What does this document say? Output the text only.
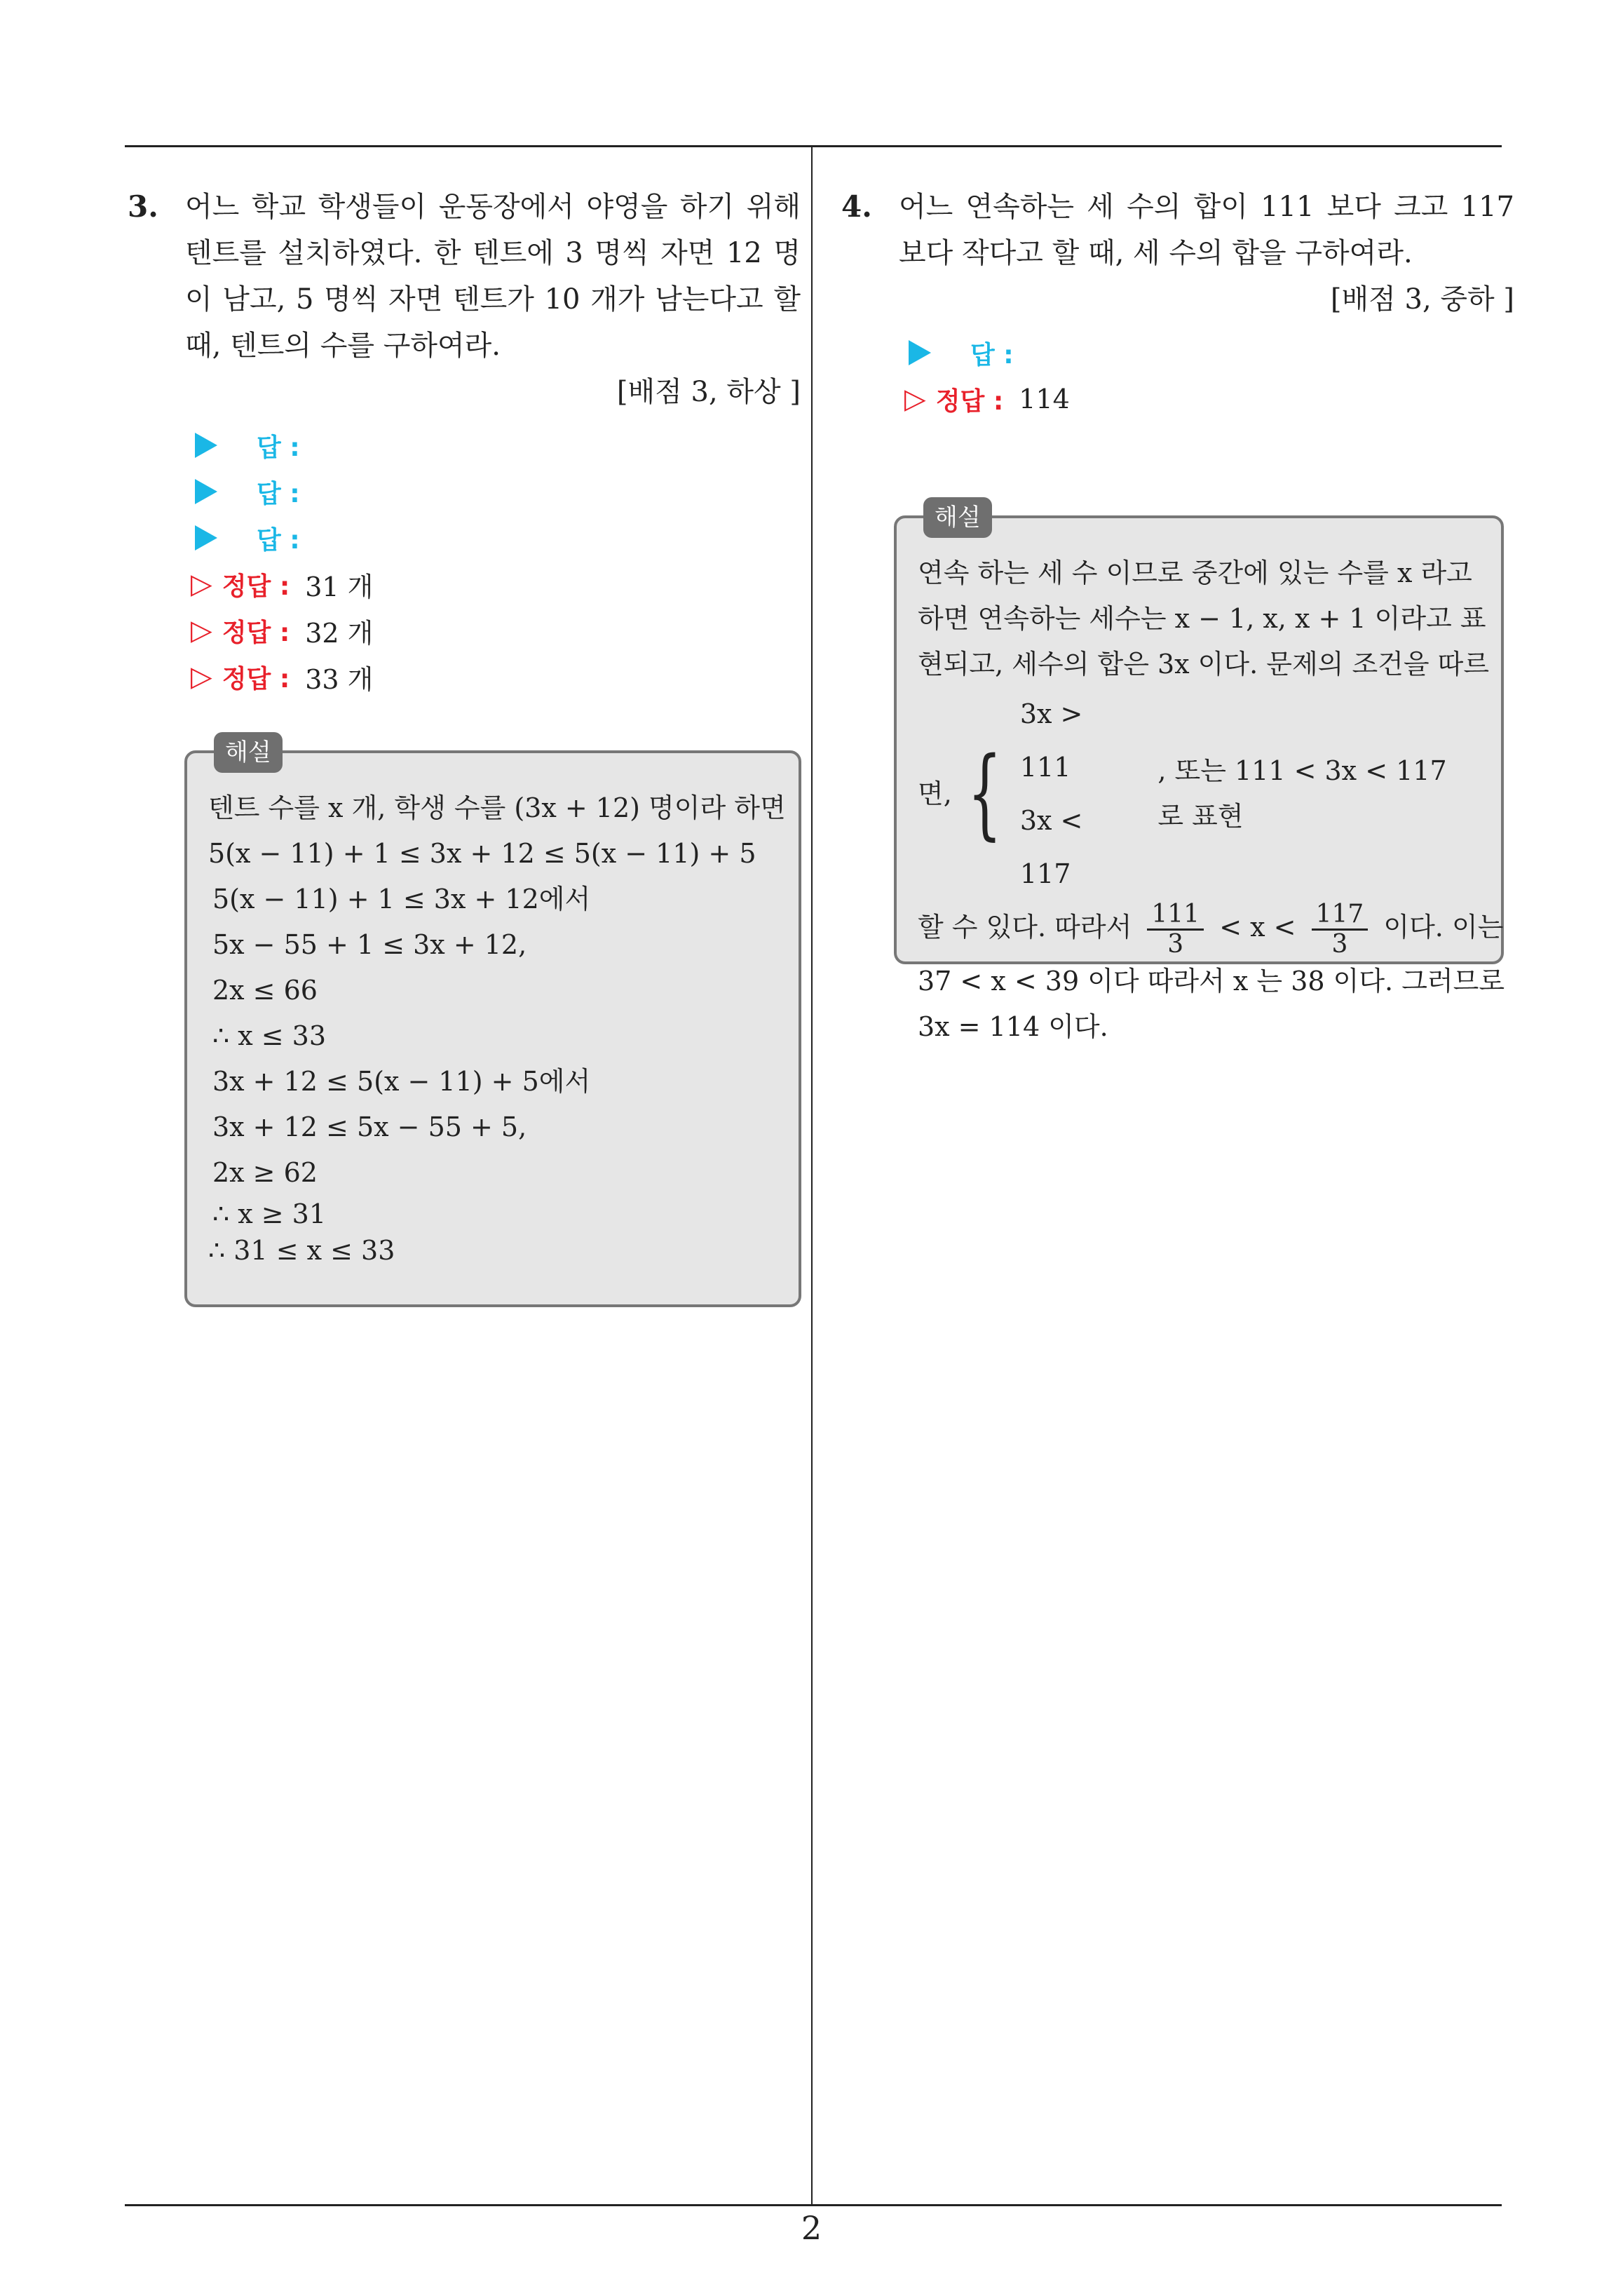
3. 어느 학교 학생들이 운동장에서 야영을 하기 위해 텐트를 설치하였다. 한 텐트에 3 명씩 자면 12 명이 남고, 5 명씩 자면 텐트가 10 개가 남는다고 할 때, 텐트의 수를 구하여라.
[배점 3, 하상 ]
답 :
답 :
답 :
▷ 정답 : 31 개
▷ 정답 : 32 개
▷ 정답 : 33 개
해설
텐트 수를 x 개, 학생 수를 (3x + 12) 명이라 하면
5(x − 11) + 1 ≤ 3x + 12 ≤ 5(x − 11) + 5
5(x − 11) + 1 ≤ 3x + 12에서
5x − 55 + 1 ≤ 3x + 12,
2x ≤ 66
∴ x ≤ 33
3x + 12 ≤ 5(x − 11) + 5에서
3x + 12 ≤ 5x − 55 + 5,
2x ≥ 62
∴ x ≥ 31
∴ 31 ≤ x ≤ 33
4. 어느 연속하는 세 수의 합이 111 보다 크고 117 보다 작다고 할 때, 세 수의 합을 구하여라.
[배점 3, 중하 ]
답 :
▷ 정답 : 114
해설
연속 하는 세 수 이므로 중간에 있는 수를 x 라고
하면 연속하는 세수는 x − 1, x, x + 1 이라고 표
현되고, 세수의 합은 3x 이다. 문제의 조건을 따르
면, {
3x > 111
3x < 117
, 또는 111 < 3x < 117 로 표현
할 수 있다. 따라서 $\frac{111}{3} < x < \frac{117}{3}$ 이다. 이는
37 < x < 39 이다 따라서 x 는 38 이다. 그러므로
3x = 114 이다.
2
